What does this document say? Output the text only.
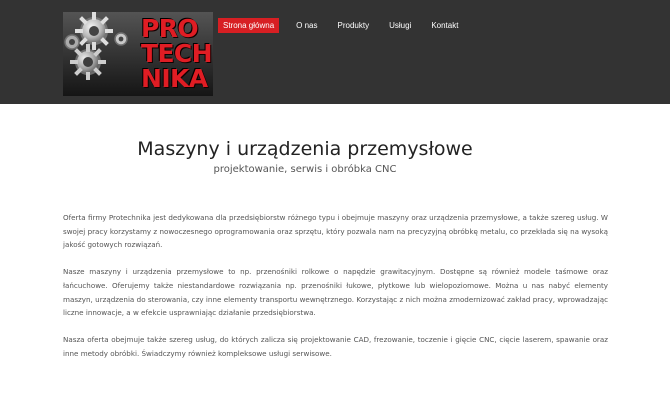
PRO
TECH
NIKA
Strona główna	O nas	Produkty	Usługi	Kontakt
Maszyny i urządzenia przemysłowe
projektowanie, serwis i obróbka CNC

Oferta firmy Protechnika jest dedykowana dla przedsiębiorstw różnego typu i obejmuje maszyny oraz urządzenia przemysłowe, a także szereg usług. W swojej pracy korzystamy z nowoczesnego oprogramowania oraz sprzętu, który pozwala nam na precyzyjną obróbkę metalu, co przekłada się na wysoką jakość gotowych rozwiązań.

Nasze maszyny i urządzenia przemysłowe to np. przenośniki rolkowe o napędzie grawitacyjnym. Dostępne są również modele taśmowe oraz łańcuchowe. Oferujemy także niestandardowe rozwiązania np. przenośniki łukowe, płytkowe lub wielopoziomowe. Można u nas nabyć elementy maszyn, urządzenia do sterowania, czy inne elementy transportu wewnętrznego. Korzystając z nich można zmodernizować zakład pracy, wprowadzając liczne innowacje, a w efekcie usprawniając działanie przedsiębiorstwa.

Nasza oferta obejmuje także szereg usług, do których zalicza się projektowanie CAD, frezowanie, toczenie i gięcie CNC, cięcie laserem, spawanie oraz inne metody obróbki. Świadczymy również kompleksowe usługi serwisowe.
